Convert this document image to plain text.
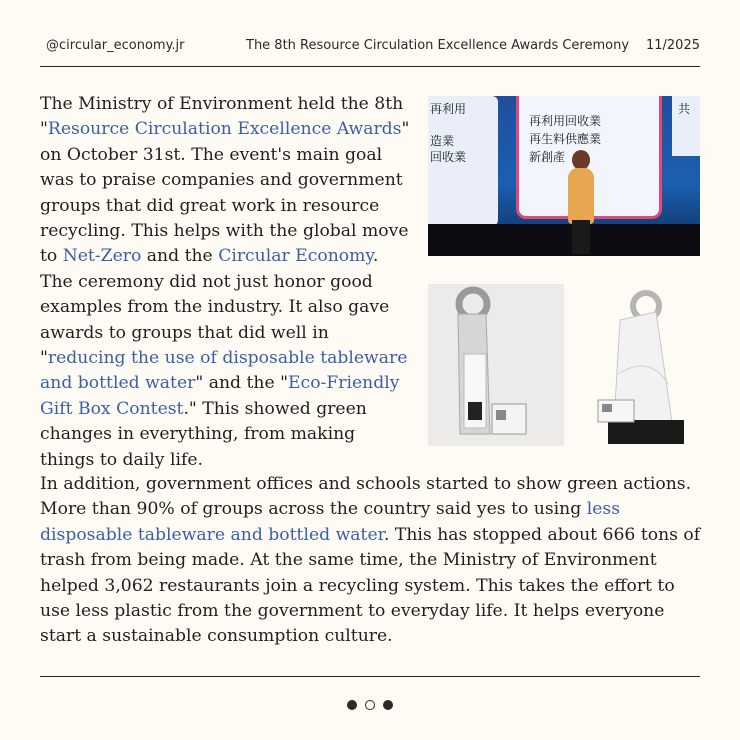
@circular_economy.jr	The 8th Resource Circulation Excellence Awards Ceremony 11/2025
The Ministry of Environment held the 8th "Resource Circulation Excellence Awards" on October 31st. The event's main goal was to praise companies and government groups that did great work in resource recycling. This helps with the global move to Net-Zero and the Circular Economy. The ceremony did not just honor good examples from the industry. It also gave awards to groups that did well in "reducing the use of disposable tableware and bottled water" and the "Eco-Friendly Gift Box Contest." This showed green changes in everything, from making things to daily life.
再利用
造業
回收業
再利用回收業
再生料供應業
新創產
共
In addition, government offices and schools started to show green actions. More than 90% of groups across the country said yes to using less disposable tableware and bottled water. This has stopped about 666 tons of trash from being made. At the same time, the Ministry of Environment helped 3,062 restaurants join a recycling system. This takes the effort to use less plastic from the government to everyday life. It helps everyone start a sustainable consumption culture.
